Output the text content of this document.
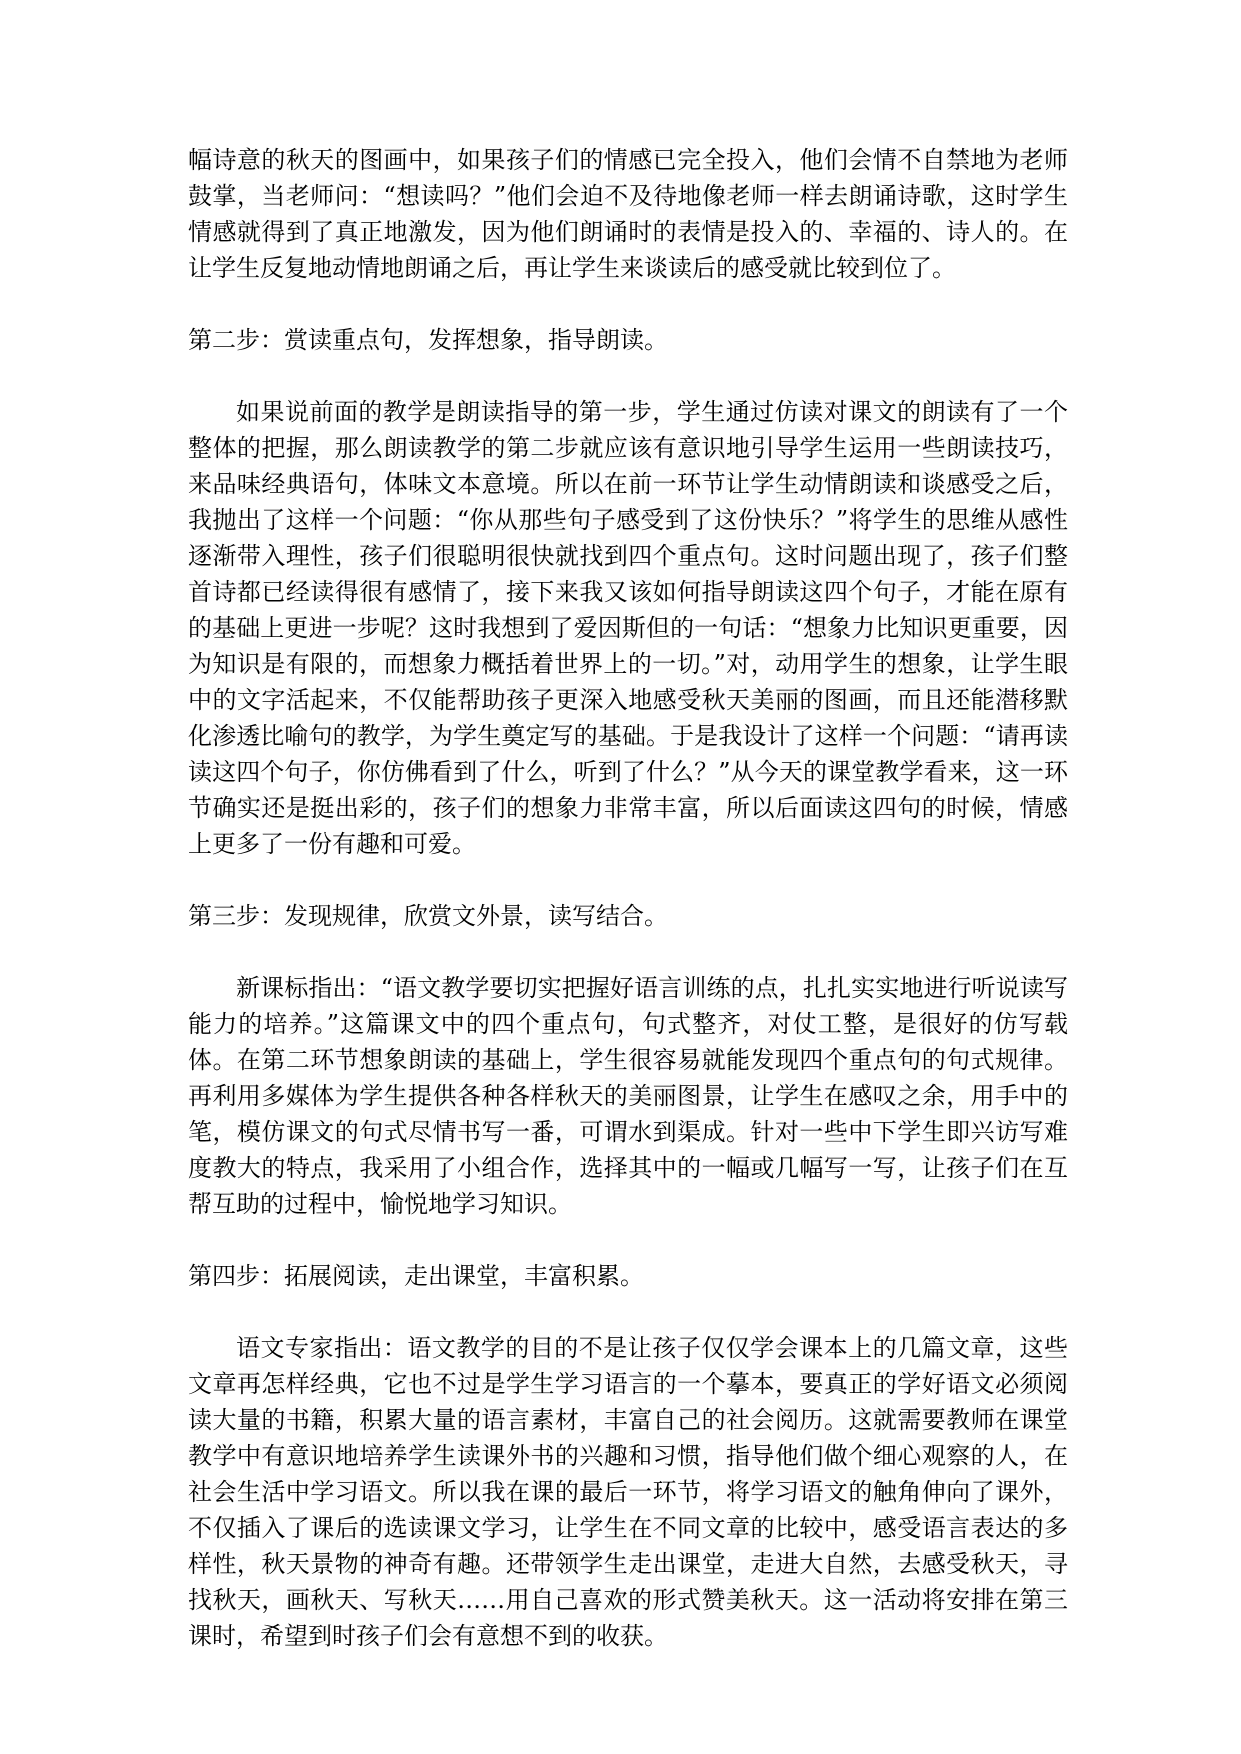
幅诗意的秋天的图画中，如果孩子们的情感已完全投入，他们会情不自禁地为老师鼓掌，当老师问：“想读吗？”他们会迫不及待地像老师一样去朗诵诗歌，这时学生情感就得到了真正地激发，因为他们朗诵时的表情是投入的、幸福的、诗人的。在让学生反复地动情地朗诵之后，再让学生来谈读后的感受就比较到位了。

第二步：赏读重点句，发挥想象，指导朗读。

如果说前面的教学是朗读指导的第一步，学生通过仿读对课文的朗读有了一个整体的把握，那么朗读教学的第二步就应该有意识地引导学生运用一些朗读技巧，来品味经典语句，体味文本意境。所以在前一环节让学生动情朗读和谈感受之后，我抛出了这样一个问题：“你从那些句子感受到了这份快乐？”将学生的思维从感性逐渐带入理性，孩子们很聪明很快就找到四个重点句。这时问题出现了，孩子们整首诗都已经读得很有感情了，接下来我又该如何指导朗读这四个句子，才能在原有的基础上更进一步呢？这时我想到了爱因斯但的一句话：“想象力比知识更重要，因为知识是有限的，而想象力概括着世界上的一切。”对，动用学生的想象，让学生眼中的文字活起来，不仅能帮助孩子更深入地感受秋天美丽的图画，而且还能潜移默化渗透比喻句的教学，为学生奠定写的基础。于是我设计了这样一个问题：“请再读读这四个句子，你仿佛看到了什么，听到了什么？”从今天的课堂教学看来，这一环节确实还是挺出彩的，孩子们的想象力非常丰富，所以后面读这四句的时候，情感上更多了一份有趣和可爱。

第三步：发现规律，欣赏文外景，读写结合。

新课标指出：“语文教学要切实把握好语言训练的点，扎扎实实地进行听说读写能力的培养。”这篇课文中的四个重点句，句式整齐，对仗工整，是很好的仿写载体。在第二环节想象朗读的基础上，学生很容易就能发现四个重点句的句式规律。再利用多媒体为学生提供各种各样秋天的美丽图景，让学生在感叹之余，用手中的笔，模仿课文的句式尽情书写一番，可谓水到渠成。针对一些中下学生即兴访写难度教大的特点，我采用了小组合作，选择其中的一幅或几幅写一写，让孩子们在互帮互助的过程中，愉悦地学习知识。

第四步：拓展阅读，走出课堂，丰富积累。

语文专家指出：语文教学的目的不是让孩子仅仅学会课本上的几篇文章，这些文章再怎样经典，它也不过是学生学习语言的一个摹本，要真正的学好语文必须阅读大量的书籍，积累大量的语言素材，丰富自己的社会阅历。这就需要教师在课堂教学中有意识地培养学生读课外书的兴趣和习惯，指导他们做个细心观察的人，在社会生活中学习语文。所以我在课的最后一环节，将学习语文的触角伸向了课外，不仅插入了课后的选读课文学习，让学生在不同文章的比较中，感受语言表达的多样性，秋天景物的神奇有趣。还带领学生走出课堂，走进大自然，去感受秋天，寻找秋天，画秋天、写秋天……用自己喜欢的形式赞美秋天。这一活动将安排在第三课时，希望到时孩子们会有意想不到的收获。
